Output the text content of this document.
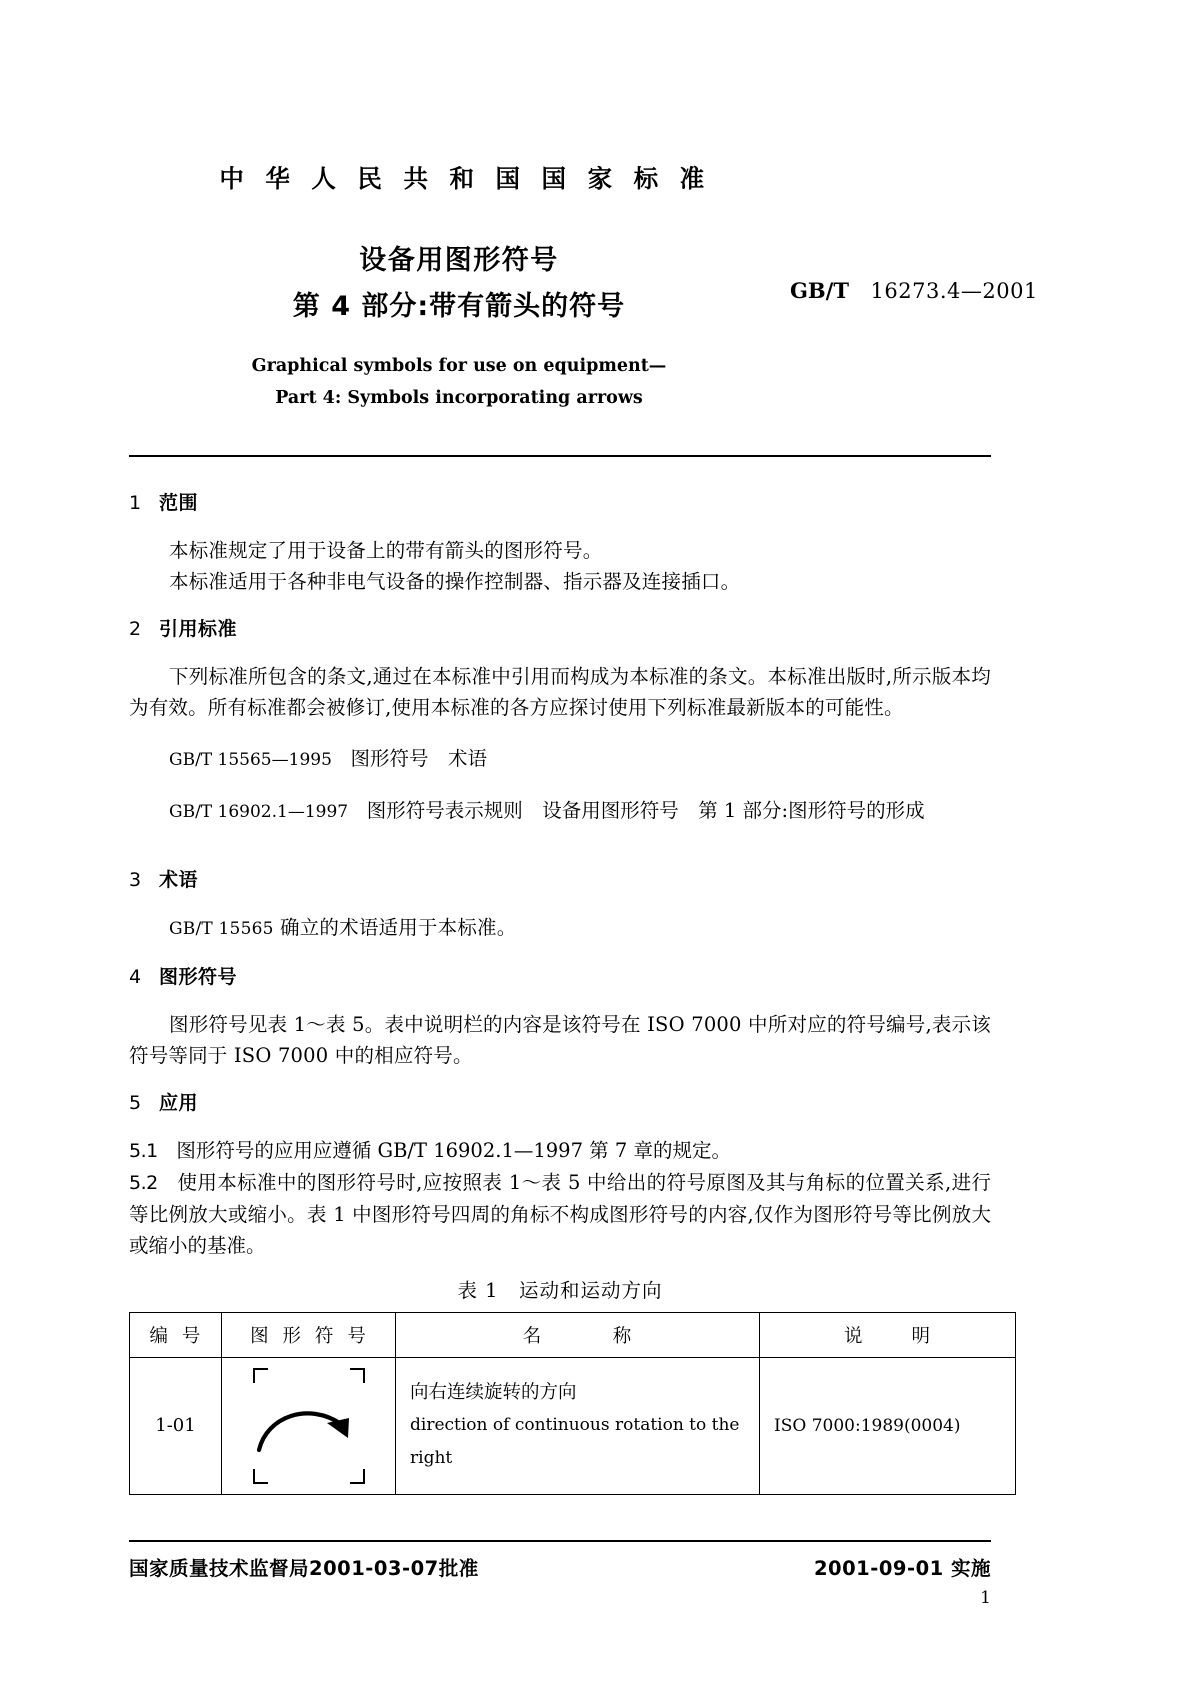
中 华 人 民 共 和 国 国 家 标 准
设备用图形符号
第 4 部分:带有箭头的符号
GB/T 16273.4—2001
Graphical symbols for use on equipment—
Part 4: Symbols incorporating arrows
1 范围

本标准规定了用于设备上的带有箭头的图形符号。

本标准适用于各种非电气设备的操作控制器、指示器及连接插口。

2 引用标准

下列标准所包含的条文,通过在本标准中引用而构成为本标准的条文。本标准出版时,所示版本均为有效。所有标准都会被修订,使用本标准的各方应探讨使用下列标准最新版本的可能性。

GB/T 15565—1995 图形符号　术语

GB/T 16902.1—1997 图形符号表示规则　设备用图形符号　第 1 部分:图形符号的形成

3 术语

GB/T 15565 确立的术语适用于本标准。

4 图形符号

图形符号见表 1～表 5。表中说明栏的内容是该符号在 ISO 7000 中所对应的符号编号,表示该符号等同于 ISO 7000 中的相应符号。

5 应用

5.1 图形符号的应用应遵循 GB/T 16902.1—1997 第 7 章的规定。

5.2 使用本标准中的图形符号时,应按照表 1～表 5 中给出的符号原图及其与角标的位置关系,进行等比例放大或缩小。表 1 中图形符号四周的角标不构成图形符号的内容,仅作为图形符号等比例放大或缩小的基准。

表 1　运动和运动方向
编 号	图 形 符 号	名　　　称	说　　明
1-01		向右连续旋转的方向
direction of continuous rotation to the right	ISO 7000:1989(0004)
国家质量技术监督局2001-03-07批准	2001-09-01 实施
1
